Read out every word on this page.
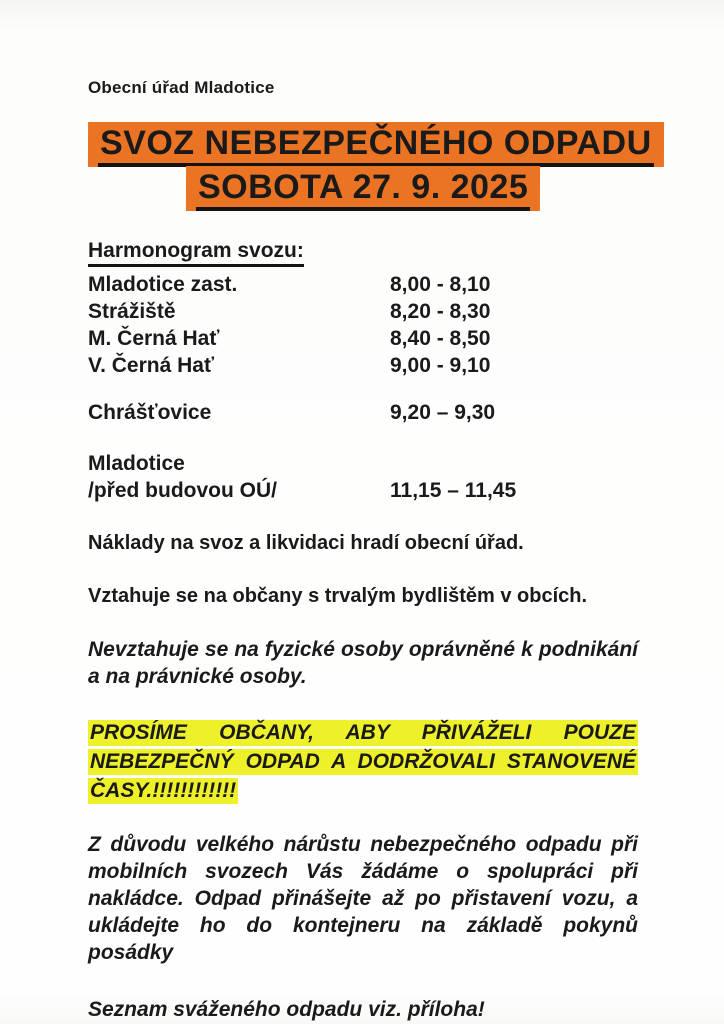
Obecní úřad Mladotice
SVOZ NEBEZPEČNÉHO ODPADU
SOBOTA 27. 9. 2025
Harmonogram svozu:
Mladotice zast.	8,00 - 8,10
Strážiště	8,20 - 8,30
M. Černá Hať	8,40 - 8,50
V. Černá Hať	9,00 - 9,10
Chrášťovice	9,20 – 9,30
Mladotice
/před budovou OÚ/	11,15 – 11,45

Náklady na svoz a likvidaci hradí obecní úřad.

Vztahuje se na občany s trvalým bydlištěm v obcích.

Nevztahuje se na fyzické osoby oprávněné k podnikání a na právnické osoby.

PROSÍME OBČANY, ABY PŘIVÁŽELI POUZE NEBEZPEČNÝ ODPAD A DODRŽOVALI STANOVENÉ ČASY.!!!!!!!!!!!!

Z důvodu velkého nárůstu nebezpečného odpadu při mobilních svozech Vás žádáme o spolupráci při nakládce. Odpad přinášejte až po přistavení vozu, a ukládejte ho do kontejneru na základě pokynů posádky

Seznam sváženého odpadu viz. příloha!
